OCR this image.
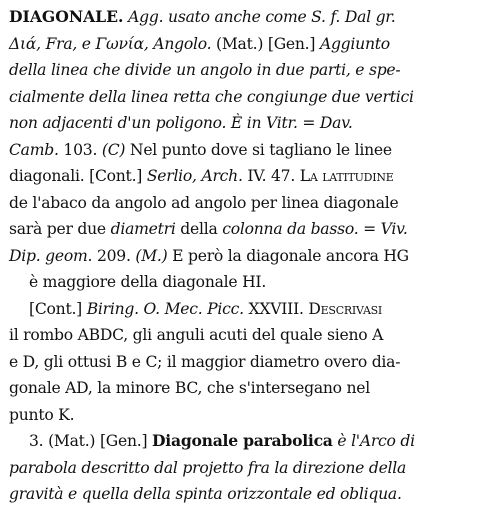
DIAGONALE. Agg. usato anche come S. f. Dal gr.
Διά, Fra, e Γωνία, Angolo. (Mat.) [Gen.] Aggiunto
della linea che divide un angolo in due parti, e spe-
cialmente della linea retta che congiunge due vertici
non adjacenti d'un poligono. È in Vitr. = Dav.
Camb. 103. (C) Nel punto dove si tagliano le linee
diagonali. [Cont.] Serlio, Arch. IV. 47. La latitudine
de l'abaco da angolo ad angolo per linea diagonale
sarà per due diametri della colonna da basso. = Viv.
Dip. geom. 209. (M.) E però la diagonale ancora HG
è maggiore della diagonale HI.
[Cont.] Biring. O. Mec. Picc. XXVIII. Descrivasi
il rombo ABDC, gli anguli acuti del quale sieno A
e D, gli ottusi B e C; il maggior diametro overo dia-
gonale AD, la minore BC, che s'intersegano nel
punto K.
3. (Mat.) [Gen.] Diagonale parabolica è l'Arco di
parabola descritto dal projetto fra la direzione della
gravità e quella della spinta orizzontale ed obliqua.
